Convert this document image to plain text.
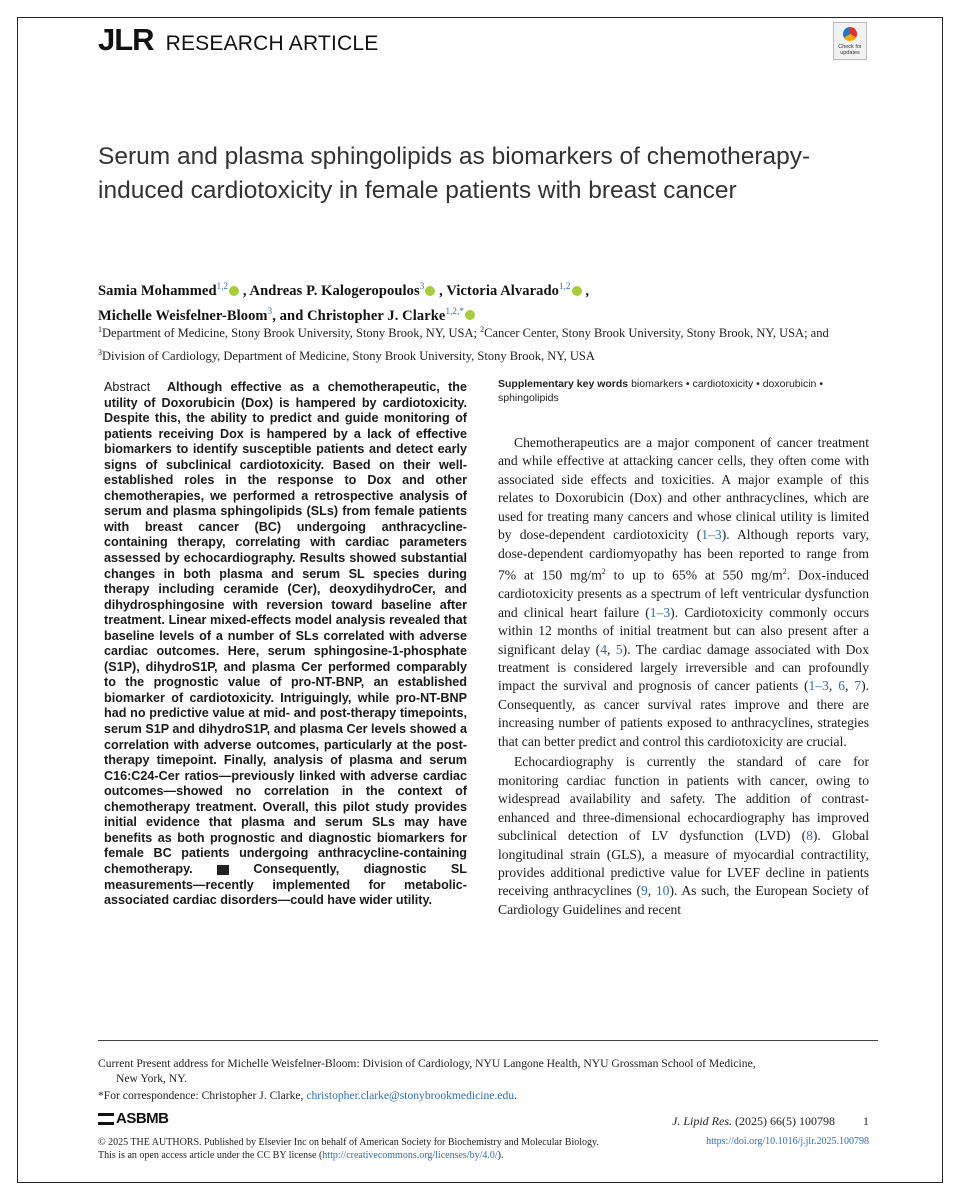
JLR RESEARCH ARTICLE	Check for updates
Serum and plasma sphingolipids as biomarkers of chemotherapy-induced cardiotoxicity in female patients with breast cancer
Samia Mohammed$^{1,2}$ , Andreas P. Kalogeropoulos$^3$ , Victoria Alvarado$^{1,2}$ ,
Michelle Weisfelner-Bloom$^3$, and Christopher J. Clarke$^{1,2,*}$
$^1$Department of Medicine, Stony Brook University, Stony Brook, NY, USA; $^2$Cancer Center, Stony Brook University, Stony Brook, NY, USA; and $^3$Division of Cardiology, Department of Medicine, Stony Brook University, Stony Brook, NY, USA
Abstract Although effective as a chemotherapeutic, the utility of Doxorubicin (Dox) is hampered by cardiotoxicity. Despite this, the ability to predict and guide monitoring of patients receiving Dox is hampered by a lack of effective biomarkers to identify susceptible patients and detect early signs of subclinical cardiotoxicity. Based on their well-established roles in the response to Dox and other chemotherapies, we performed a retrospective analysis of serum and plasma sphingolipids (SLs) from female patients with breast cancer (BC) undergoing anthracycline-containing therapy, correlating with cardiac parameters assessed by echocardiography. Results showed substantial changes in both plasma and serum SL species during therapy including ceramide (Cer), deoxydihydroCer, and dihydrosphingosine with reversion toward baseline after treatment. Linear mixed-effects model analysis revealed that baseline levels of a number of SLs correlated with adverse cardiac outcomes. Here, serum sphingosine-1-phosphate (S1P), dihydroS1P, and plasma Cer performed comparably to the prognostic value of pro-NT-BNP, an established biomarker of cardiotoxicity. Intriguingly, while pro-NT-BNP had no predictive value at mid- and post-therapy timepoints, serum S1P and dihydroS1P, and plasma Cer levels showed a correlation with adverse outcomes, particularly at the post-therapy timepoint. Finally, analysis of plasma and serum C16:C24-Cer ratios—previously linked with adverse cardiac outcomes—showed no correlation in the context of chemotherapy treatment. Overall, this pilot study provides initial evidence that plasma and serum SLs may have benefits as both prognostic and diagnostic biomarkers for female BC patients undergoing anthracycline-containing chemotherapy.	Consequently, diagnostic SL measurements—recently implemented for metabolic-associated cardiac disorders—could have wider utility.
Supplementary key words biomarkers • cardiotoxicity • doxorubicin • sphingolipids

Chemotherapeutics are a major component of cancer treatment and while effective at attacking cancer cells, they often come with associated side effects and toxicities. A major example of this relates to Doxorubicin (Dox) and other anthracyclines, which are used for treating many cancers and whose clinical utility is limited by dose-dependent cardiotoxicity (1–3). Although reports vary, dose-dependent cardiomyopathy has been reported to range from 7% at 150 $mg/m^2$ to up to 65% at 550 $mg/m^2$. Dox-induced cardiotoxicity presents as a spectrum of left ventricular dysfunction and clinical heart failure (1–3). Cardiotoxicity commonly occurs within 12 months of initial treatment but can also present after a significant delay (4, 5). The cardiac damage associated with Dox treatment is considered largely irreversible and can profoundly impact the survival and prognosis of cancer patients (1–3, 6, 7). Consequently, as cancer survival rates improve and there are increasing number of patients exposed to anthracyclines, strategies that can better predict and control this cardiotoxicity are crucial.

Echocardiography is currently the standard of care for monitoring cardiac function in patients with cancer, owing to widespread availability and safety. The addition of contrast-enhanced and three-dimensional echocardiography has improved subclinical detection of LV dysfunction (LVD) (8). Global longitudinal strain (GLS), a measure of myocardial contractility, provides additional predictive value for LVEF decline in patients receiving anthracyclines (9, 10). As such, the European Society of Cardiology Guidelines and recent

Current Present address for Michelle Weisfelner-Bloom: Division of Cardiology, NYU Langone Health, NYU Grossman School of Medicine,
New York, NY.
*For correspondence: Christopher J. Clarke, christopher.clarke@stonybrookmedicine.edu.
ASBMB	J. Lipid Res. (2025) 66(5) 100798 1
© 2025 THE AUTHORS. Published by Elsevier Inc on behalf of American Society for Biochemistry and Molecular Biology.
This is an open access article under the CC BY license (http://creativecommons.org/licenses/by/4.0/).
https://doi.org/10.1016/j.jlr.2025.100798
